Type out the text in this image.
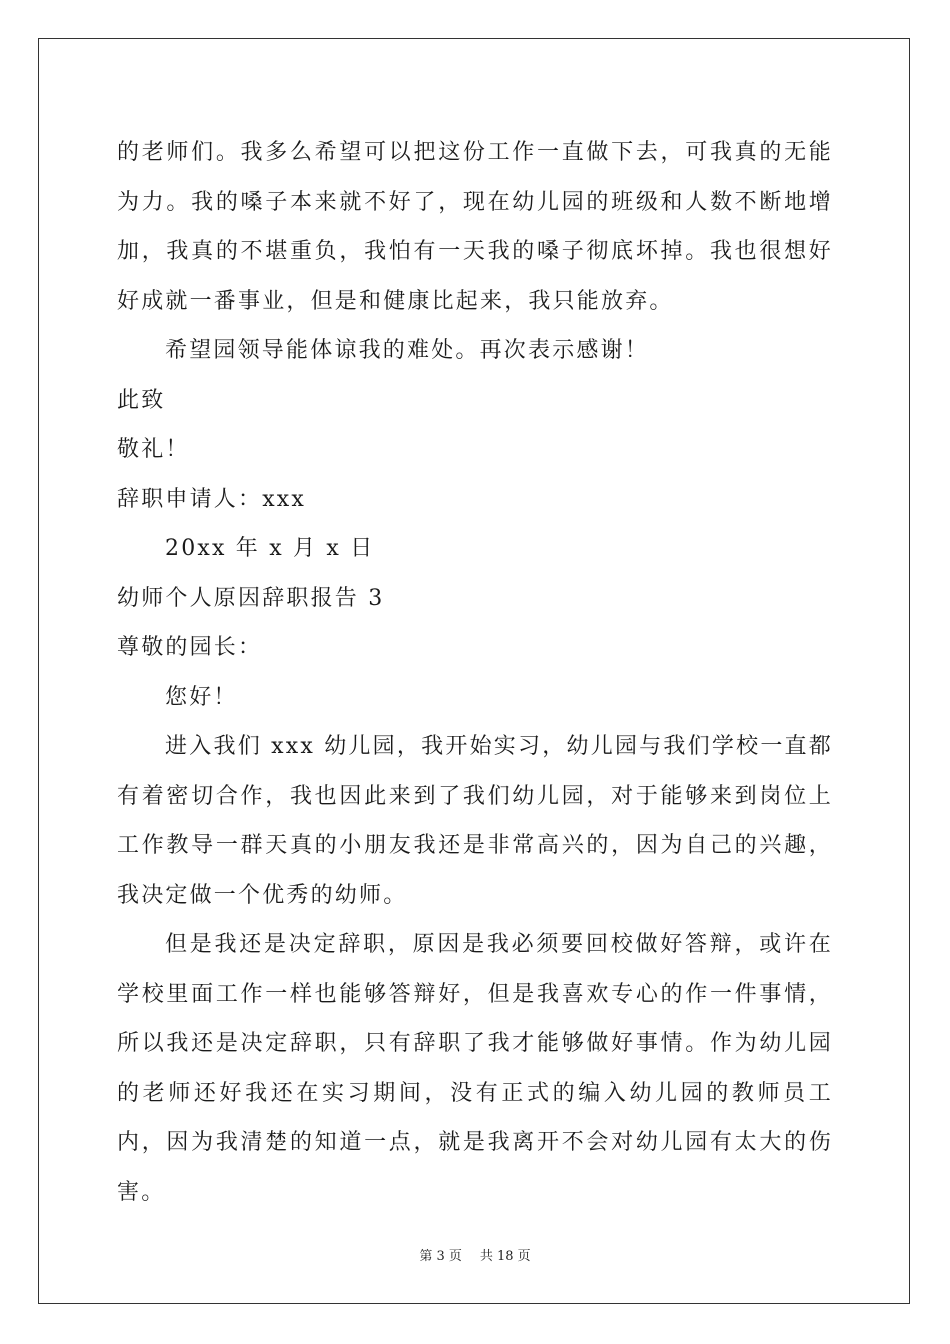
的老师们。我多么希望可以把这份工作一直做下去，可我真的无能为力。我的嗓子本来就不好了，现在幼儿园的班级和人数不断地增加，我真的不堪重负，我怕有一天我的嗓子彻底坏掉。我也很想好好成就一番事业，但是和健康比起来，我只能放弃。

希望园领导能体谅我的难处。再次表示感谢！

此致

敬礼！

辞职申请人：xxx

20xx 年 x 月 x 日

幼师个人原因辞职报告 3

尊敬的园长：

您好！

进入我们 xxx 幼儿园，我开始实习，幼儿园与我们学校一直都有着密切合作，我也因此来到了我们幼儿园，对于能够来到岗位上工作教导一群天真的小朋友我还是非常高兴的，因为自己的兴趣，我决定做一个优秀的幼师。

但是我还是决定辞职，原因是我必须要回校做好答辩，或许在学校里面工作一样也能够答辩好，但是我喜欢专心的作一件事情，所以我还是决定辞职，只有辞职了我才能够做好事情。作为幼儿园的老师还好我还在实习期间，没有正式的编入幼儿园的教师员工内，因为我清楚的知道一点，就是我离开不会对幼儿园有太大的伤害。

第 3 页 共 18 页
